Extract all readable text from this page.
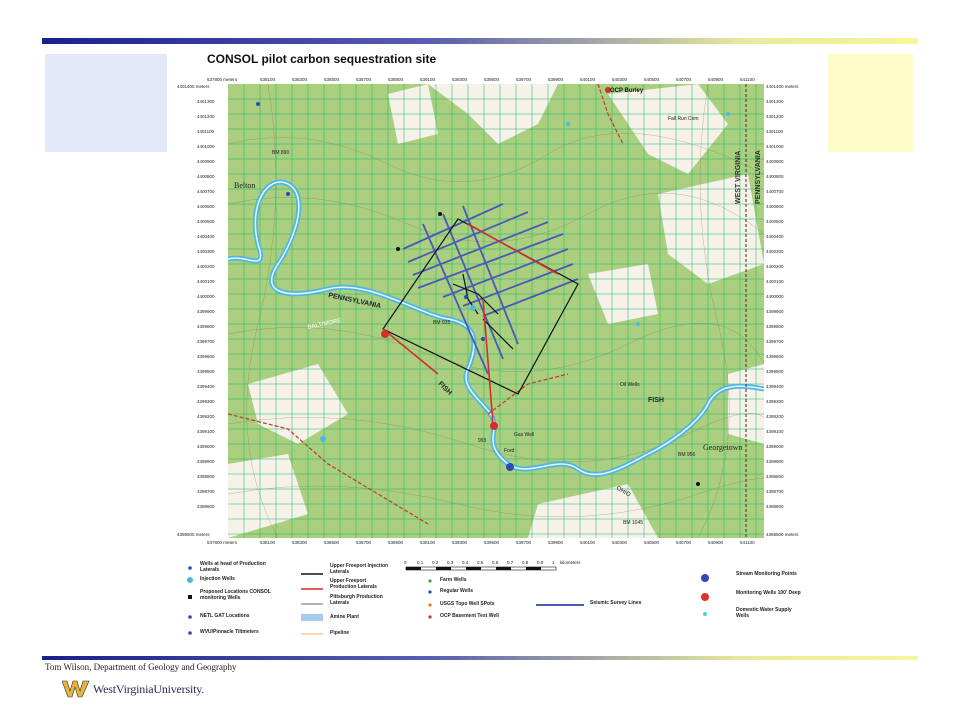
CONSOL pilot carbon sequestration site
OCP Burley
WEST VIRGINIA PENNSYLVANIA
Belton
BM 890
Georgetown
BALTIMORE
PENNSYLVANIA
FISH
FISH
Oil Wells
Gas Well
Ford
993
BM 935
BM 956
Fall Run Cem
OHIO
BM 1045
537800 meters	538100	538300	538500	538700	538900	539100	539300	539500	539700	539900	540100	540300	540500	540700	540900	541100
537800 meters	538100	538300	538500	538700	538900	539100	539300	539500	539700	539900	540100	540300	540500	540700	540900	541100
4401400 meters
4401300
4401200
4401100
4401000
4400900
4400800
4400700
4400600
4400500
4400400
4400300
4400200
4400100
4400000
4399900
4399800
4399700
4399600
4399500
4399400
4399300
4399200
4399100
4399000
4398900
4398800
4398700
4398600
4398500 meters
4401400 meters
4401300
4401200
4401100
4401000
4400900
4400800
4400700
4400600
4400500
4400400
4400300
4400200
4400100
4400000
4399900
4399800
4399700
4399600
4399500
4399400
4399300
4399200
4399100
4399000
4398900
4398800
4398700
4398600
4398500 meters
0 0.1 0.2 0.3 0.4 0.5 0.6 0.7 0.8 0.9 1 kilometers
Wells at head of Production Laterals
Injection Wells
Proposed Locations CONSOL monitoring Wells
NETL GAT Locations
WVU/Pinnacle Tiltmeters
Upper Freeport Injection Laterals
Upper Freeport Production Laterals
Pittsburgh Production Laterals
Amine Plant
Pipeline
Farm Wells
Regular Wells
USGS Topo Well SPots
OCP Basement Test Well
Seismic Survey Lines
Stream Monitoring Points
Monitoring Wells 100' Deep
Domestic Water Supply Wells
Tom Wilson, Department of Geology and Geography
WestVirginiaUniversity.
